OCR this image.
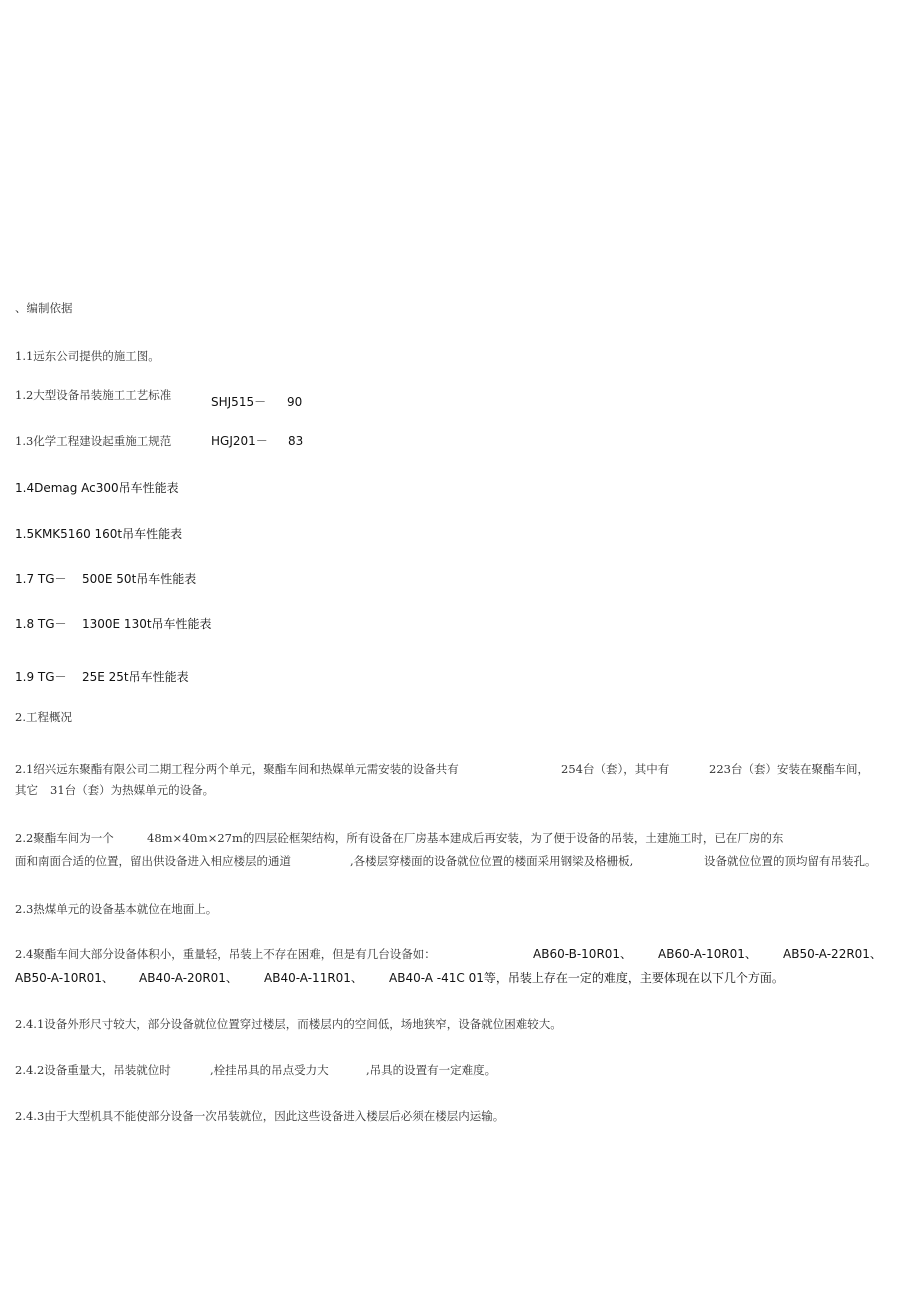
、编制依据
1.1远东公司提供的施工图。
1.2大型设备吊装施工工艺标准	SHJ515－ 90
1.3化学工程建设起重施工规范	HGJ201－ 83
1.4Demag Ac300吊车性能表
1.5KMK5160 160t吊车性能表
1.7 TG－ 500E 50t吊车性能表
1.8 TG－ 1300E 130t吊车性能表
1.9 TG－ 25E 25t吊车性能表
2.工程概况
2.1绍兴远东聚酯有限公司二期工程分两个单元，聚酯车间和热媒单元需安装的设备共有	254台（套），其中有	223台（套）安装在聚酯车间，
其它 31台（套）为热媒单元的设备。
2.2聚酯车间为一个	48m×40m×27m的四层砼框架结构，所有设备在厂房基本建成后再安装，为了便于设备的吊装，土建施工时，已在厂房的东
面和南面合适的位置，留出供设备进入相应楼层的通道	,各楼层穿楼面的设备就位位置的楼面采用钢梁及格栅板,	设备就位位置的顶均留有吊装孔。
2.3热煤单元的设备基本就位在地面上。
2.4聚酯车间大部分设备体积小，重量轻，吊装上不存在困难，但是有几台设备如：	AB60-B-10R01、 AB60-A-10R01、 AB50-A-22R01、
AB50-A-10R01、 AB40-A-20R01、 AB40-A-11R01、 AB40-A -41C 01等，吊装上存在一定的难度，主要体现在以下几个方面。
2.4.1设备外形尺寸较大，部分设备就位位置穿过楼层，而楼层内的空间低，场地狭窄，设备就位困难较大。
2.4.2设备重量大，吊装就位时	,栓挂吊具的吊点受力大	,吊具的设置有一定难度。
2.4.3由于大型机具不能使部分设备一次吊装就位，因此这些设备进入楼层后必须在楼层内运输。
